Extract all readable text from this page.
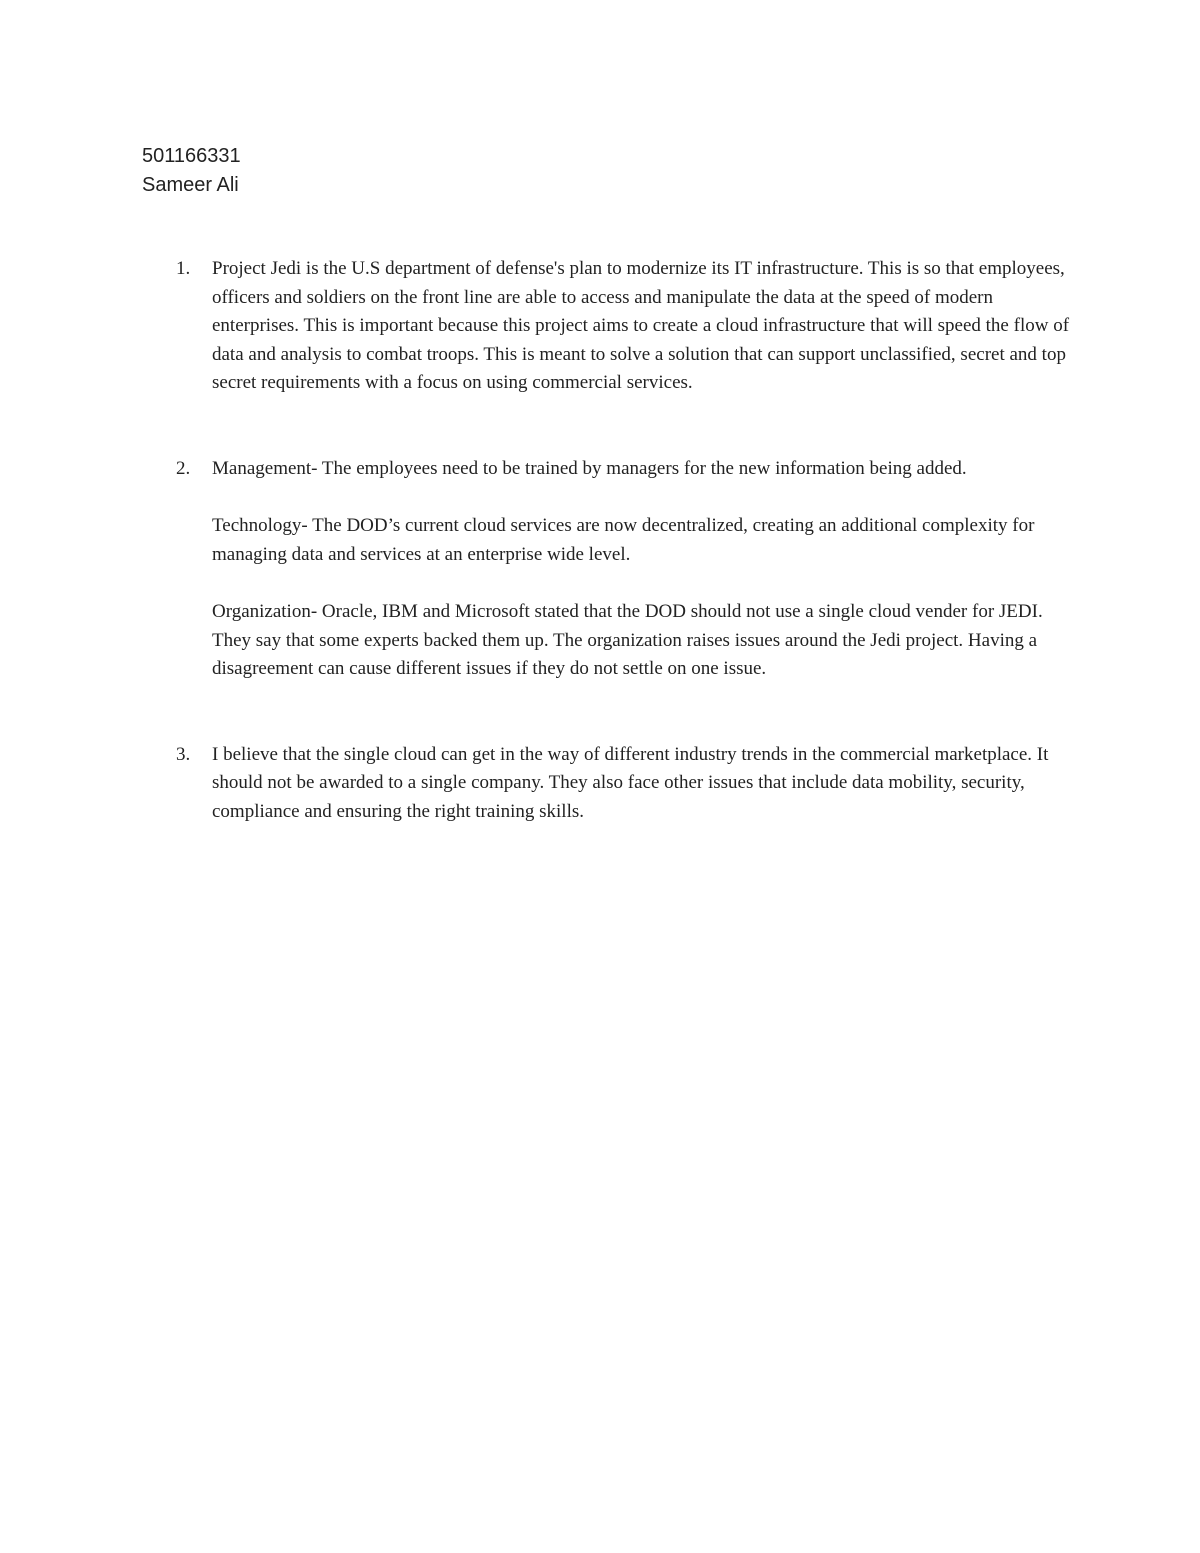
501166331
Sameer Ali
1. Project Jedi is the U.S department of defense's plan to modernize its IT infrastructure. This is so that employees, officers and soldiers on the front line are able to access and manipulate the data at the speed of modern enterprises. This is important because this project aims to create a cloud infrastructure that will speed the flow of data and analysis to combat troops. This is meant to solve a solution that can support unclassified, secret and top secret requirements with a focus on using commercial services.

2. Management- The employees need to be trained by managers for the new information being added.

Technology- The DOD’s current cloud services are now decentralized, creating an additional complexity for managing data and services at an enterprise wide level.

Organization- Oracle, IBM and Microsoft stated that the DOD should not use a single cloud vender for JEDI. They say that some experts backed them up. The organization raises issues around the Jedi project. Having a disagreement can cause different issues if they do not settle on one issue.

3. I believe that the single cloud can get in the way of different industry trends in the commercial marketplace. It should not be awarded to a single company. They also face other issues that include data mobility, security, compliance and ensuring the right training skills.
